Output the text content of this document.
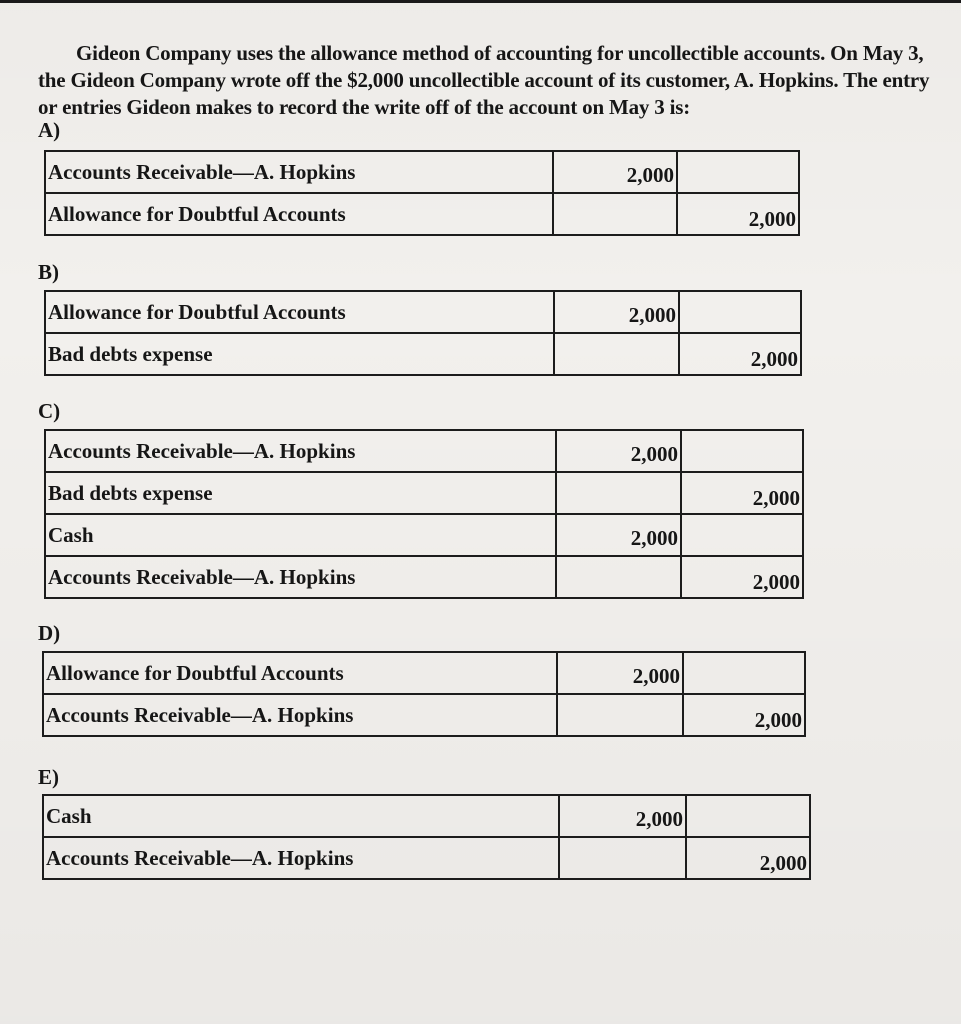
Gideon Company uses the allowance method of accounting for uncollectible accounts. On May 3, the Gideon Company wrote off the $2,000 uncollectible account of its customer, A. Hopkins. The entry or entries Gideon makes to record the write off of the account on May 3 is:
A)
Accounts Receivable—A. Hopkins	2,000	
Allowance for Doubtful Accounts		2,000
B)
Allowance for Doubtful Accounts	2,000	
Bad debts expense		2,000
C)
Accounts Receivable—A. Hopkins	2,000	
Bad debts expense		2,000
Cash	2,000	
Accounts Receivable—A. Hopkins		2,000
D)
Allowance for Doubtful Accounts	2,000	
Accounts Receivable—A. Hopkins		2,000
E)
Cash	2,000	
Accounts Receivable—A. Hopkins		2,000
